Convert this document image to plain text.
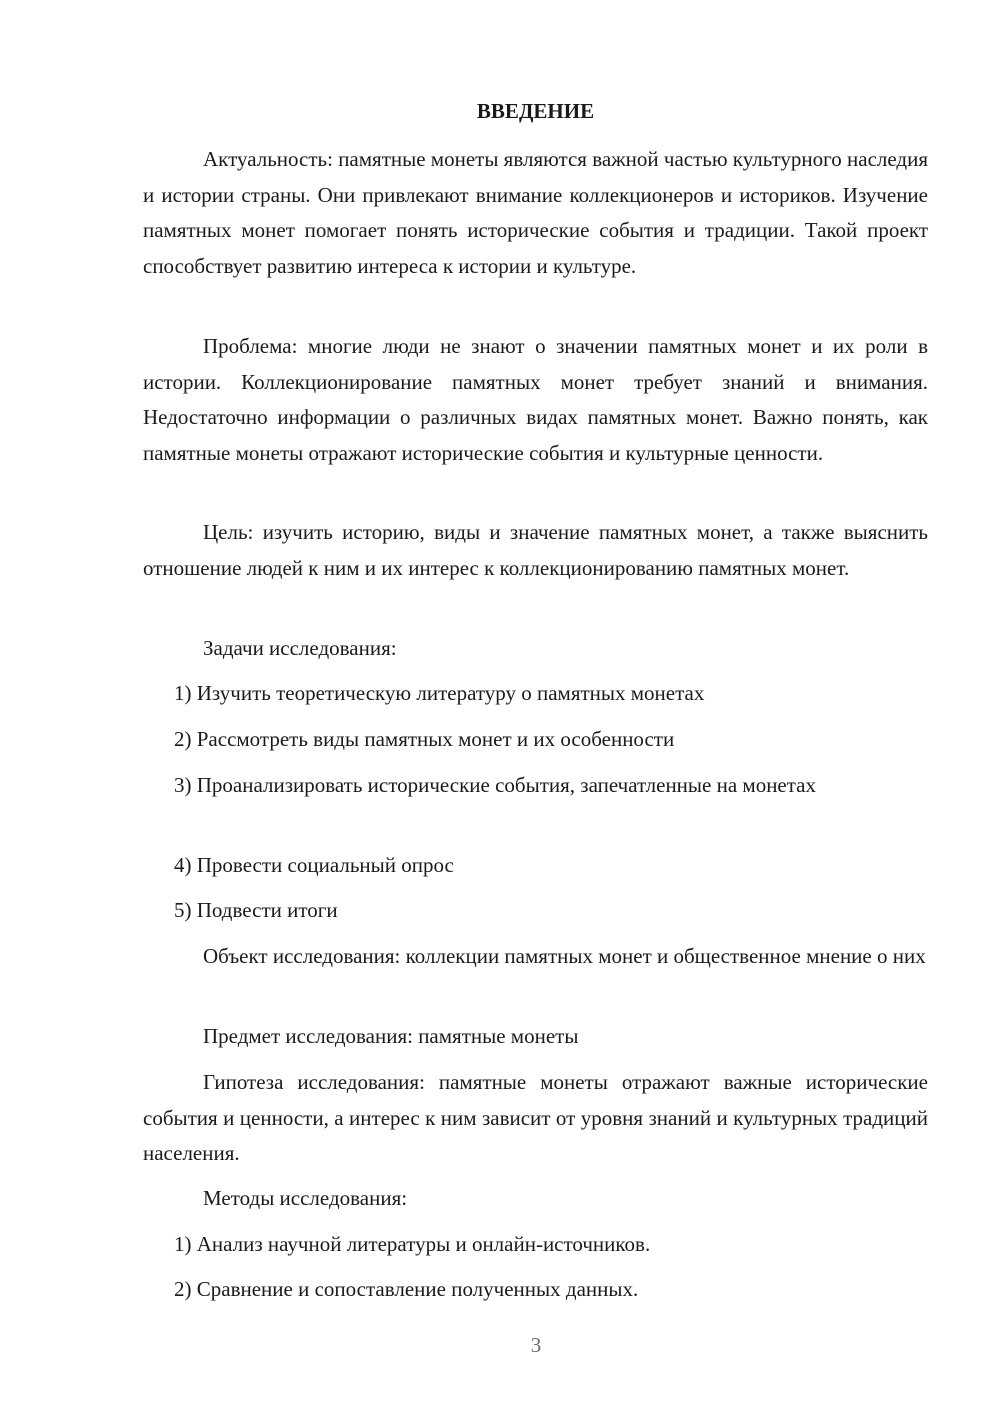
ВВЕДЕНИЕ

Актуальность: памятные монеты являются важной частью культурного наследия и истории страны. Они привлекают внимание коллекционеров и историков. Изучение памятных монет помогает понять исторические события и традиции. Такой проект способствует развитию интереса к истории и культуре.

Проблема: многие люди не знают о значении памятных монет и их роли в истории. Коллекционирование памятных монет требует знаний и внимания. Недостаточно информации о различных видах памятных монет. Важно понять, как памятные монеты отражают исторические события и культурные ценности.

Цель: изучить историю, виды и значение памятных монет, а также выяснить отношение людей к ним и их интерес к коллекционированию памятных монет.

Задачи исследования:

1) Изучить теоретическую литературу о памятных монетах

2) Рассмотреть виды памятных монет и их особенности

3) Проанализировать исторические события, запечатленные на монетах

4) Провести социальный опрос

5) Подвести итоги

Объект исследования: коллекции памятных монет и общественное мнение о них

Предмет исследования: памятные монеты

Гипотеза исследования: памятные монеты отражают важные исторические события и ценности, а интерес к ним зависит от уровня знаний и культурных традиций населения.

Методы исследования:

1) Анализ научной литературы и онлайн-источников.

2) Сравнение и сопоставление полученных данных.

3
